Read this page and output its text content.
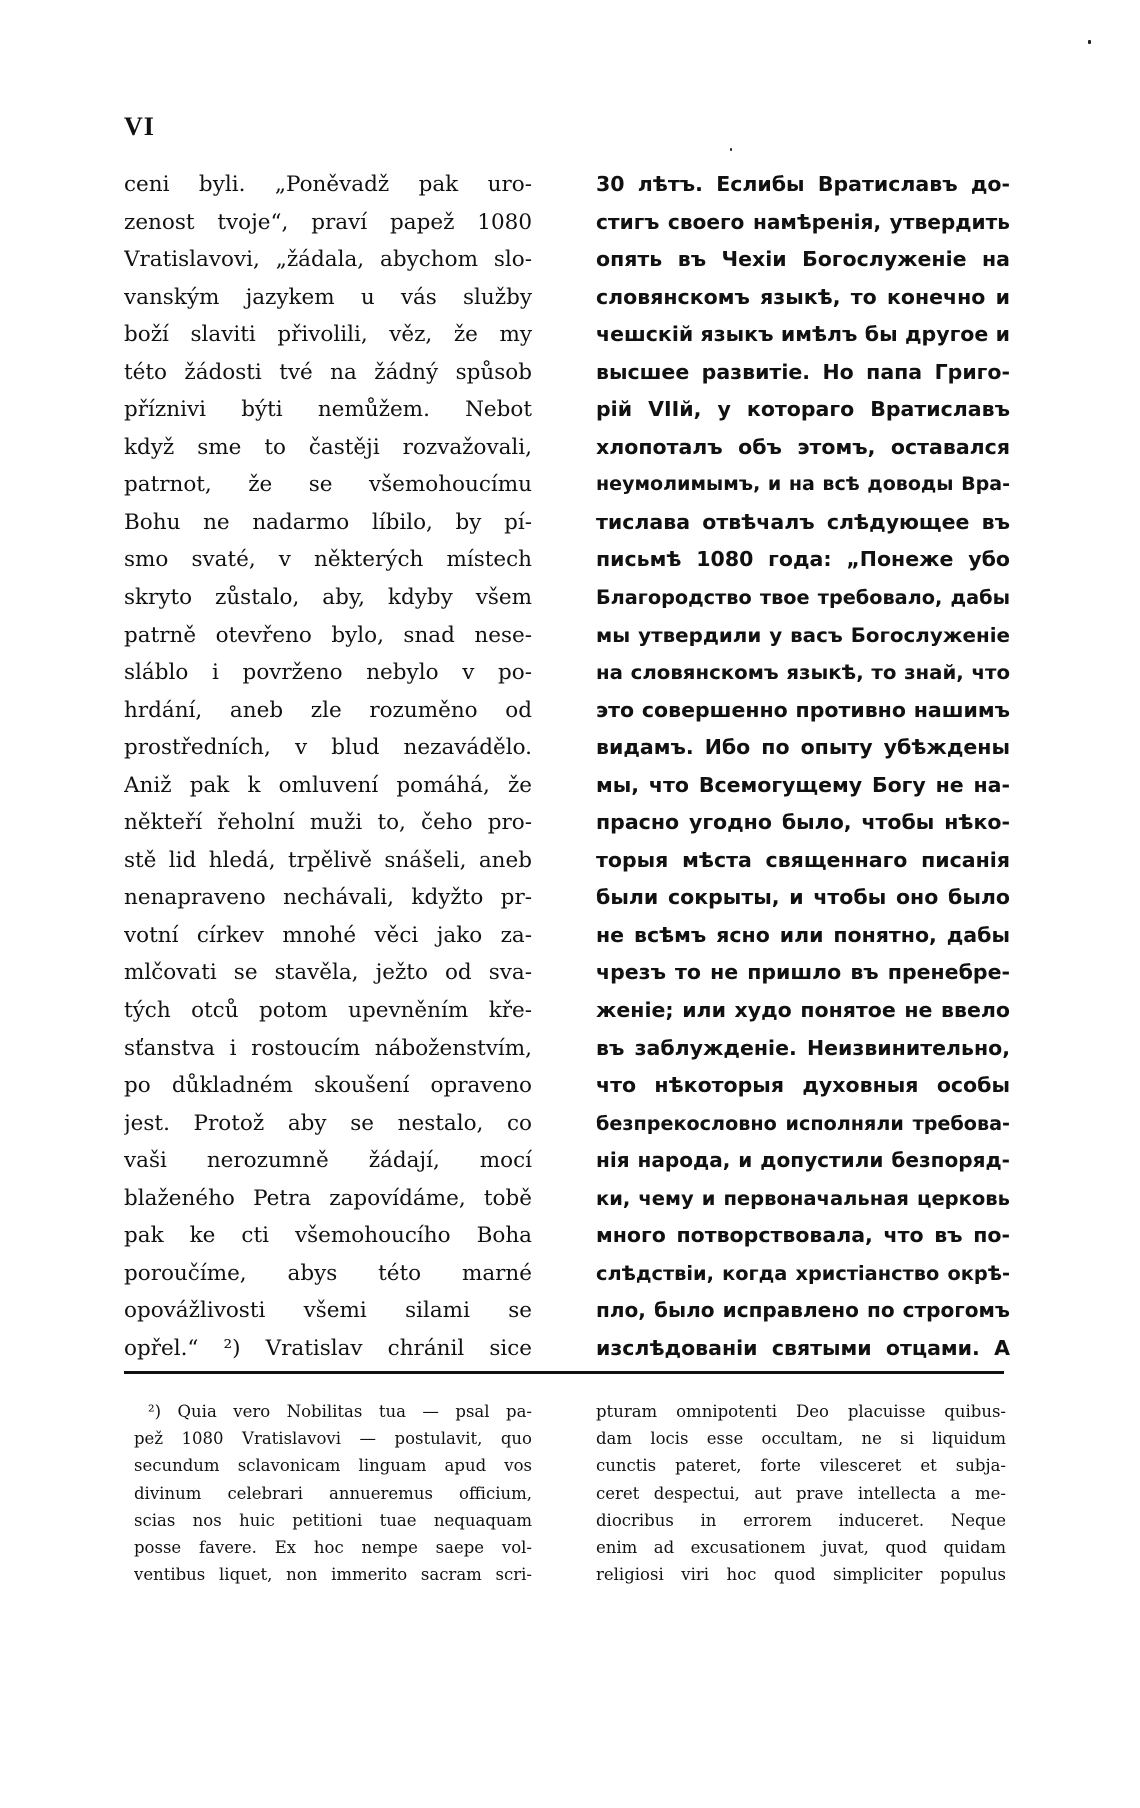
VI
ceni byli. „Poněvadž pak uro-
zenost tvoje“, praví papež 1080
Vratislavovi, „žádala, abychom slo-
vanským jazykem u vás služby
boží slaviti přivolili, věz, že my
této žádosti tvé na žádný spůsob
příznivi býti nemůžem. Nebot
když sme to častěji rozvažovali,
patrnot, že se všemohoucímu
Bohu ne nadarmo líbilo, by pí-
smo svaté, v některých místech
skryto zůstalo, aby, kdyby všem
patrně otevřeno bylo, snad nese-
sláblo i povrženo nebylo v po-
hrdání, aneb zle rozuměno od
prostředních, v blud nezavádělo.
Aniž pak k omluvení pomáhá, že
někteří řeholní muži to, čeho pro-
stě lid hledá, trpělivě snášeli, aneb
nenapraveno nechávali, kdyžto pr-
votní církev mnohé věci jako za-
mlčovati se stavěla, ježto od sva-
tých otců potom upevněním kře-
sťanstva i rostoucím náboženstvím,
po důkladném skoušení opraveno
jest. Protož aby se nestalo, co
vaši nerozumně žádají, mocí
blaženého Petra zapovídáme, tobě
pak ke cti všemohoucího Boha
poroučíme, abys této marné
opovážlivosti všemi silami se
opřel.“ ²) Vratislav chránil sice
30 лѣтъ. Еслибы Вратиславъ до-
стигъ своего намѣренія, утвердить
опять въ Чехіи Богослуженіе на
словянскомъ языкѣ, то конечно и
чешскій языкъ имѣлъ бы другое и
высшее развитіе. Но папа Григо-
рій VIIй, у котораго Вратиславъ
хлопоталъ объ этомъ, оставался
неумолимымъ, и на всѣ доводы Вра-
тислава отвѣчалъ слѣдующее въ
письмѣ 1080 года: „Понеже убо
Благородство твое требовало, дабы
мы утвердили у васъ Богослуженіе
на словянскомъ языкѣ, то знай, что
это совершенно противно нашимъ
видамъ. Ибо по опыту убѣждены
мы, что Всемогущему Богу не на-
прасно угодно было, чтобы нѣко-
торыя мѣста священнаго писанія
были сокрыты, и чтобы оно было
не всѣмъ ясно или понятно, дабы
чрезъ то не пришло въ пренебре-
женіе; или худо понятое не ввело
въ заблужденіе. Неизвинительно,
что нѣкоторыя духовныя особы
безпрекословно исполняли требова-
нія народа, и допустили безпоряд-
ки, чему и первоначальная церковь
много потворствовала, что въ по-
слѣдствіи, когда христіанство окрѣ-
пло, было исправлено по строгомъ
изслѣдованіи святыми отцами. А
²) Quia vero Nobilitas tua — psal pa-
pež 1080 Vratislavovi — postulavit, quo
secundum sclavonicam linguam apud vos
divinum celebrari annueremus officium,
scias nos huic petitioni tuae nequaquam
posse favere. Ex hoc nempe saepe vol-
ventibus liquet, non immerito sacram scri-
pturam omnipotenti Deo placuisse quibus-
dam locis esse occultam, ne si liquidum
cunctis pateret, forte vilesceret et subja-
ceret despectui, aut prave intellecta a me-
diocribus in errorem induceret. Neque
enim ad excusationem juvat, quod quidam
religiosi viri hoc quod simpliciter populus
